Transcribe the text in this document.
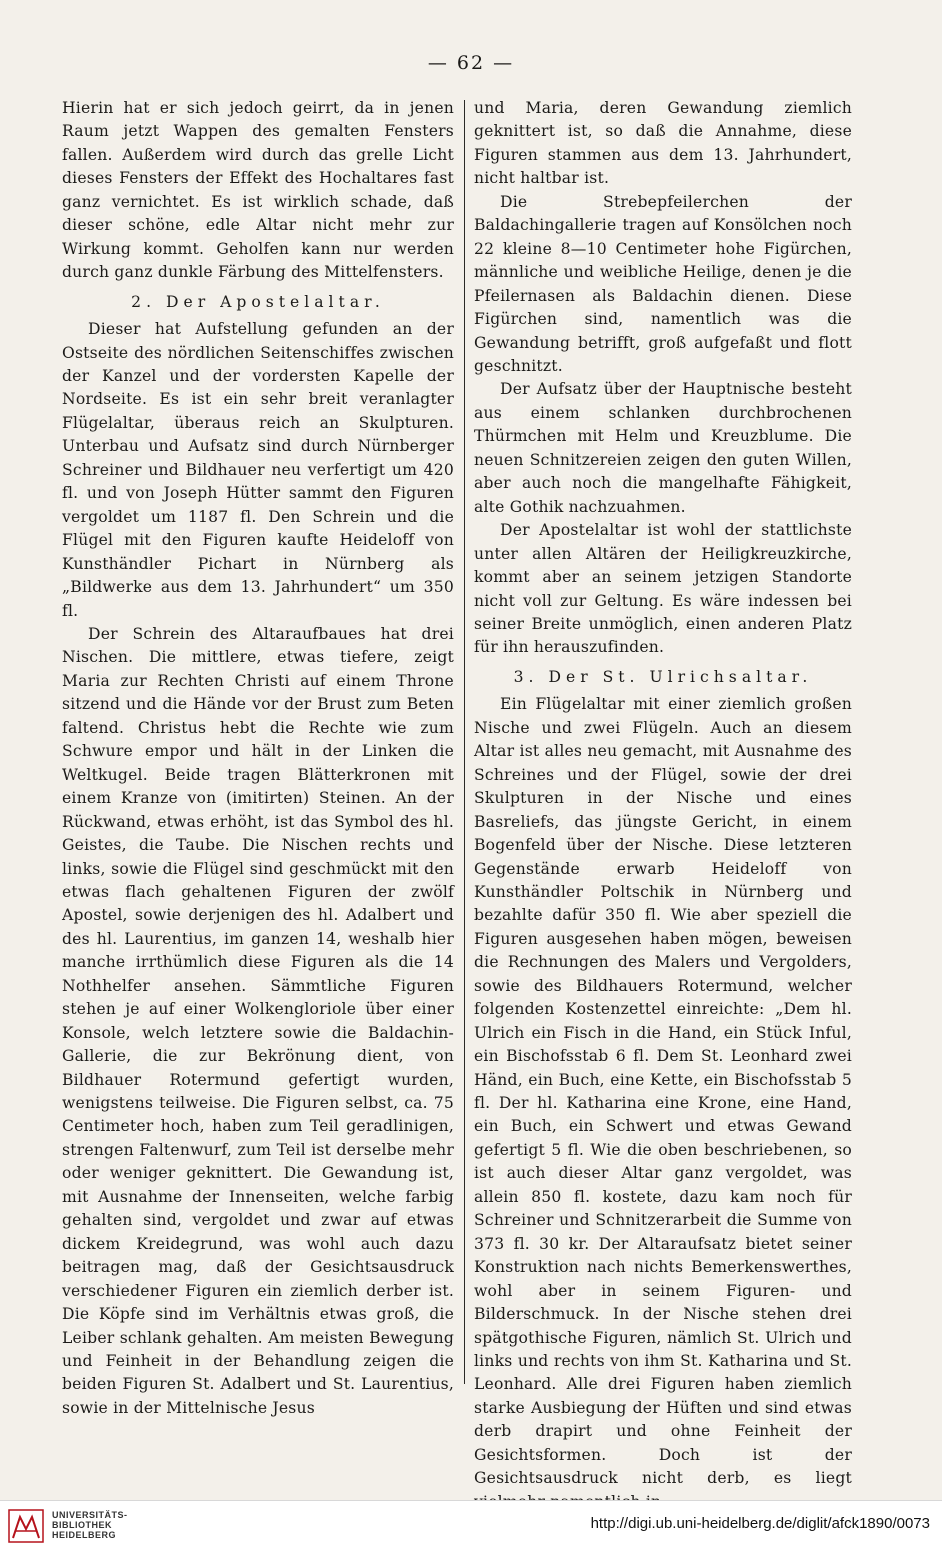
— 62 —

Hierin hat er sich jedoch geirrt, da in jenen Raum jetzt Wappen des gemalten Fensters fallen. Außerdem wird durch das grelle Licht dieses Fensters der Effekt des Hochaltares fast ganz vernichtet. Es ist wirklich schade, daß dieser schöne, edle Altar nicht mehr zur Wirkung kommt. Geholfen kann nur werden durch ganz dunkle Färbung des Mittelfensters.

2. Der Apostelaltar.

Dieser hat Aufstellung gefunden an der Ostseite des nördlichen Seitenschiffes zwischen der Kanzel und der vordersten Kapelle der Nordseite. Es ist ein sehr breit veranlagter Flügelaltar, überaus reich an Skulpturen. Unterbau und Aufsatz sind durch Nürnberger Schreiner und Bildhauer neu verfertigt um 420 fl. und von Joseph Hütter sammt den Figuren vergoldet um 1187 fl. Den Schrein und die Flügel mit den Figuren kaufte Heideloff von Kunsthändler Pichart in Nürnberg als „Bildwerke aus dem 13. Jahrhundert“ um 350 fl.

Der Schrein des Altaraufbaues hat drei Nischen. Die mittlere, etwas tiefere, zeigt Maria zur Rechten Christi auf einem Throne sitzend und die Hände vor der Brust zum Beten faltend. Christus hebt die Rechte wie zum Schwure empor und hält in der Linken die Weltkugel. Beide tragen Blätterkronen mit einem Kranze von (imitirten) Steinen. An der Rückwand, etwas erhöht, ist das Symbol des hl. Geistes, die Taube. Die Nischen rechts und links, sowie die Flügel sind geschmückt mit den etwas flach gehaltenen Figuren der zwölf Apostel, sowie derjenigen des hl. Adalbert und des hl. Laurentius, im ganzen 14, weshalb hier manche irrthümlich diese Figuren als die 14 Nothhelfer ansehen. Sämmtliche Figuren stehen je auf einer Wolkengloriole über einer Konsole, welch letztere sowie die Baldachin-Gallerie, die zur Bekrönung dient, von Bildhauer Rotermund gefertigt wurden, wenigstens teilweise. Die Figuren selbst, ca. 75 Centimeter hoch, haben zum Teil geradlinigen, strengen Faltenwurf, zum Teil ist derselbe mehr oder weniger geknittert. Die Gewandung ist, mit Ausnahme der Innenseiten, welche farbig gehalten sind, vergoldet und zwar auf etwas dickem Kreidegrund, was wohl auch dazu beitragen mag, daß der Gesichtsausdruck verschiedener Figuren ein ziemlich derber ist. Die Köpfe sind im Verhältnis etwas groß, die Leiber schlank gehalten. Am meisten Bewegung und Feinheit in der Behandlung zeigen die beiden Figuren St. Adalbert und St. Laurentius, sowie in der Mittelnische Jesus

und Maria, deren Gewandung ziemlich geknittert ist, so daß die Annahme, diese Figuren stammen aus dem 13. Jahrhundert, nicht haltbar ist.

Die Strebepfeilerchen der Baldachingallerie tragen auf Konsölchen noch 22 kleine 8—10 Centimeter hohe Figürchen, männliche und weibliche Heilige, denen je die Pfeilernasen als Baldachin dienen. Diese Figürchen sind, namentlich was die Gewandung betrifft, groß aufgefaßt und flott geschnitzt.

Der Aufsatz über der Hauptnische besteht aus einem schlanken durchbrochenen Thürmchen mit Helm und Kreuzblume. Die neuen Schnitzereien zeigen den guten Willen, aber auch noch die mangelhafte Fähigkeit, alte Gothik nachzuahmen.

Der Apostelaltar ist wohl der stattlichste unter allen Altären der Heiligkreuzkirche, kommt aber an seinem jetzigen Standorte nicht voll zur Geltung. Es wäre indessen bei seiner Breite unmöglich, einen anderen Platz für ihn herauszufinden.

3. Der St. Ulrichsaltar.

Ein Flügelaltar mit einer ziemlich großen Nische und zwei Flügeln. Auch an diesem Altar ist alles neu gemacht, mit Ausnahme des Schreines und der Flügel, sowie der drei Skulpturen in der Nische und eines Basreliefs, das jüngste Gericht, in einem Bogenfeld über der Nische. Diese letzteren Gegenstände erwarb Heideloff von Kunsthändler Poltschik in Nürnberg und bezahlte dafür 350 fl. Wie aber speziell die Figuren ausgesehen haben mögen, beweisen die Rechnungen des Malers und Vergolders, sowie des Bildhauers Rotermund, welcher folgenden Kostenzettel einreichte: „Dem hl. Ulrich ein Fisch in die Hand, ein Stück Inful, ein Bischofsstab 6 fl. Dem St. Leonhard zwei Händ, ein Buch, eine Kette, ein Bischofsstab 5 fl. Der hl. Katharina eine Krone, eine Hand, ein Buch, ein Schwert und etwas Gewand gefertigt 5 fl. Wie die oben beschriebenen, so ist auch dieser Altar ganz vergoldet, was allein 850 fl. kostete, dazu kam noch für Schreiner und Schnitzerarbeit die Summe von 373 fl. 30 kr. Der Altaraufsatz bietet seiner Konstruktion nach nichts Bemerkenswerthes, wohl aber in seinem Figuren- und Bilderschmuck. In der Nische stehen drei spätgothische Figuren, nämlich St. Ulrich und links und rechts von ihm St. Katharina und St. Leonhard. Alle drei Figuren haben ziemlich starke Ausbiegung der Hüften und sind etwas derb drapirt und ohne Feinheit der Gesichtsformen. Doch ist der Gesichtsausdruck nicht derb, es liegt

UNIVERSITÄTS-
BIBLIOTHEK
HEIDELBERG
http://digi.ub.uni-heidelberg.de/diglit/afck1890/0073
